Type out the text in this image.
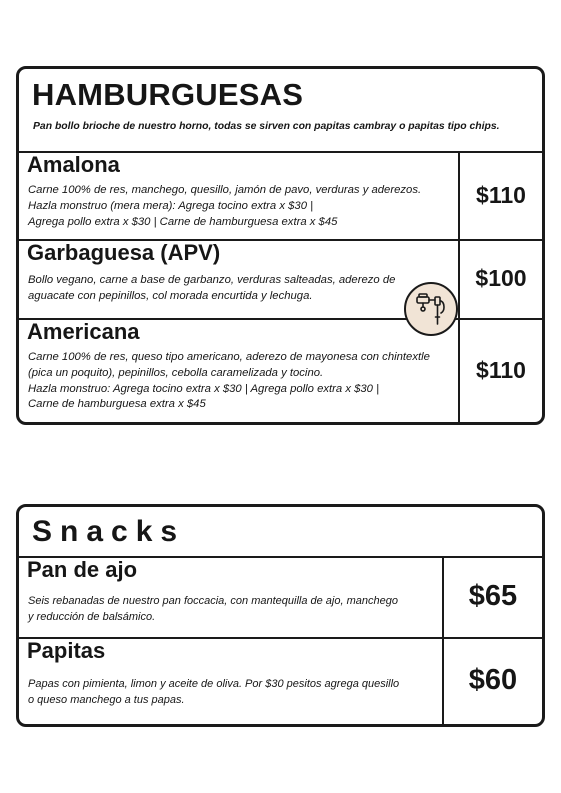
HAMBURGUESAS
Pan bollo brioche de nuestro horno, todas se sirven con papitas cambray o papitas tipo chips.
Amalona
Carne 100% de res, manchego, quesillo, jamón de pavo, verduras y aderezos.
Hazla monstruo (mera mera): Agrega tocino extra x $30 |
Agrega pollo extra x $30 | Carne de hamburguesa extra x $45
$110
Garbaguesa (APV)
Bollo vegano, carne a base de garbanzo, verduras salteadas, aderezo de
aguacate con pepinillos, col morada encurtida y lechuga.
$100
Americana
Carne 100% de res, queso tipo americano, aderezo de mayonesa con chintextle
(pica un poquito), pepinillos, cebolla caramelizada y tocino.
Hazla monstruo: Agrega tocino extra x $30 | Agrega pollo extra x $30 |
Carne de hamburguesa extra x $45
$110
Snacks
Pan de ajo
Seis rebanadas de nuestro pan foccacia, con mantequilla de ajo, manchego
y reducción de balsámico.
$65
Papitas
Papas con pimienta, limon y aceite de oliva. Por $30 pesitos agrega quesillo
o queso manchego a tus papas.
$60
